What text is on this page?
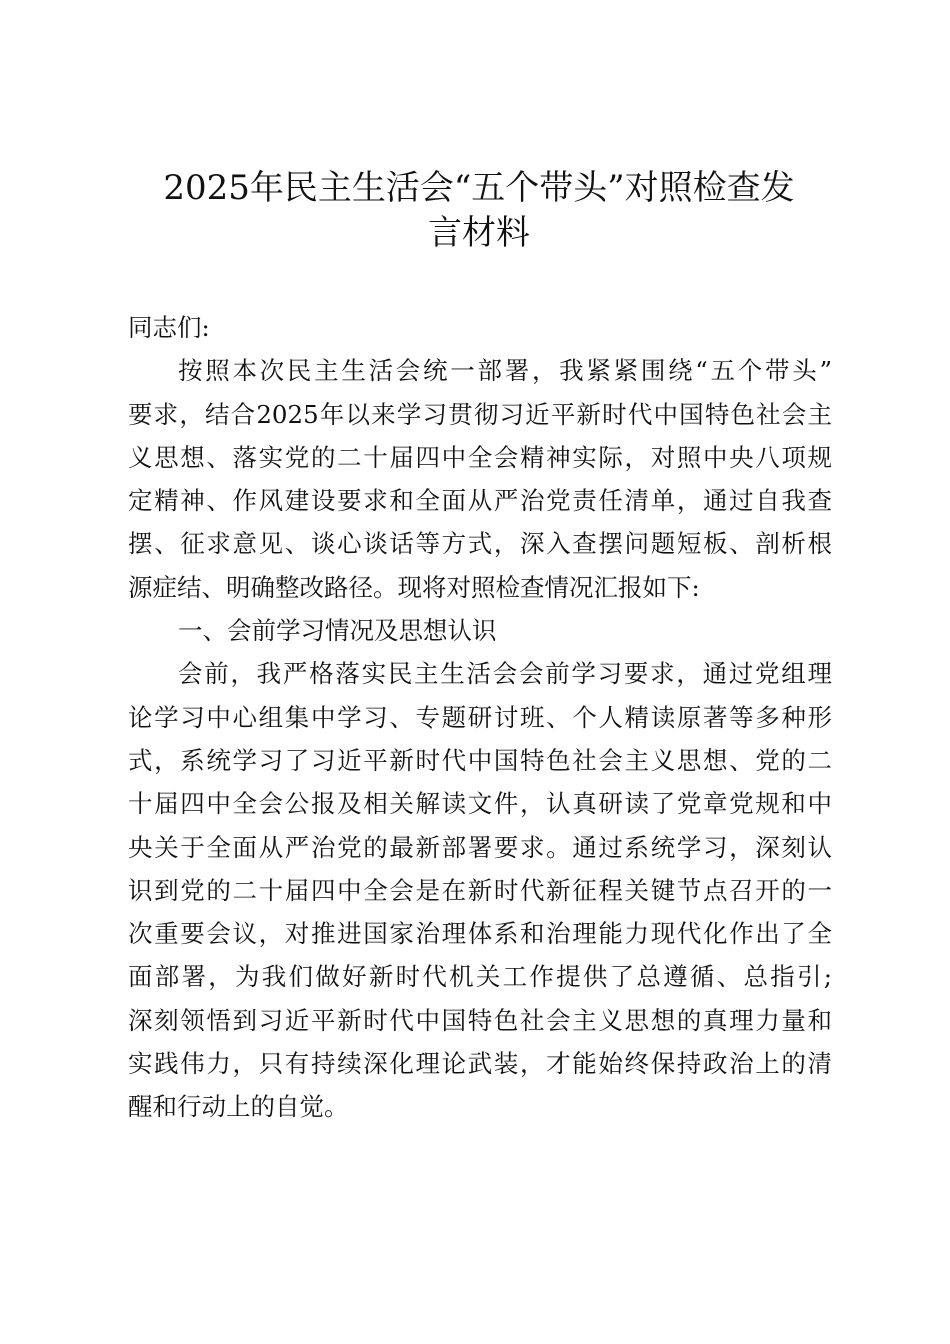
2025年民主生活会“五个带头”对照检查发
言材料
同志们:
按照本次民主生活会统一部署，我紧紧围绕“五个带头”
要求，结合2025年以来学习贯彻习近平新时代中国特色社会主
义思想、落实党的二十届四中全会精神实际，对照中央八项规
定精神、作风建设要求和全面从严治党责任清单，通过自我查
摆、征求意见、谈心谈话等方式，深入查摆问题短板、剖析根
源症结、明确整改路径。现将对照检查情况汇报如下:
一、会前学习情况及思想认识
会前，我严格落实民主生活会会前学习要求，通过党组理
论学习中心组集中学习、专题研讨班、个人精读原著等多种形
式，系统学习了习近平新时代中国特色社会主义思想、党的二
十届四中全会公报及相关解读文件，认真研读了党章党规和中
央关于全面从严治党的最新部署要求。通过系统学习，深刻认
识到党的二十届四中全会是在新时代新征程关键节点召开的一
次重要会议，对推进国家治理体系和治理能力现代化作出了全
面部署，为我们做好新时代机关工作提供了总遵循、总指引;
深刻领悟到习近平新时代中国特色社会主义思想的真理力量和
实践伟力，只有持续深化理论武装，才能始终保持政治上的清
醒和行动上的自觉。
